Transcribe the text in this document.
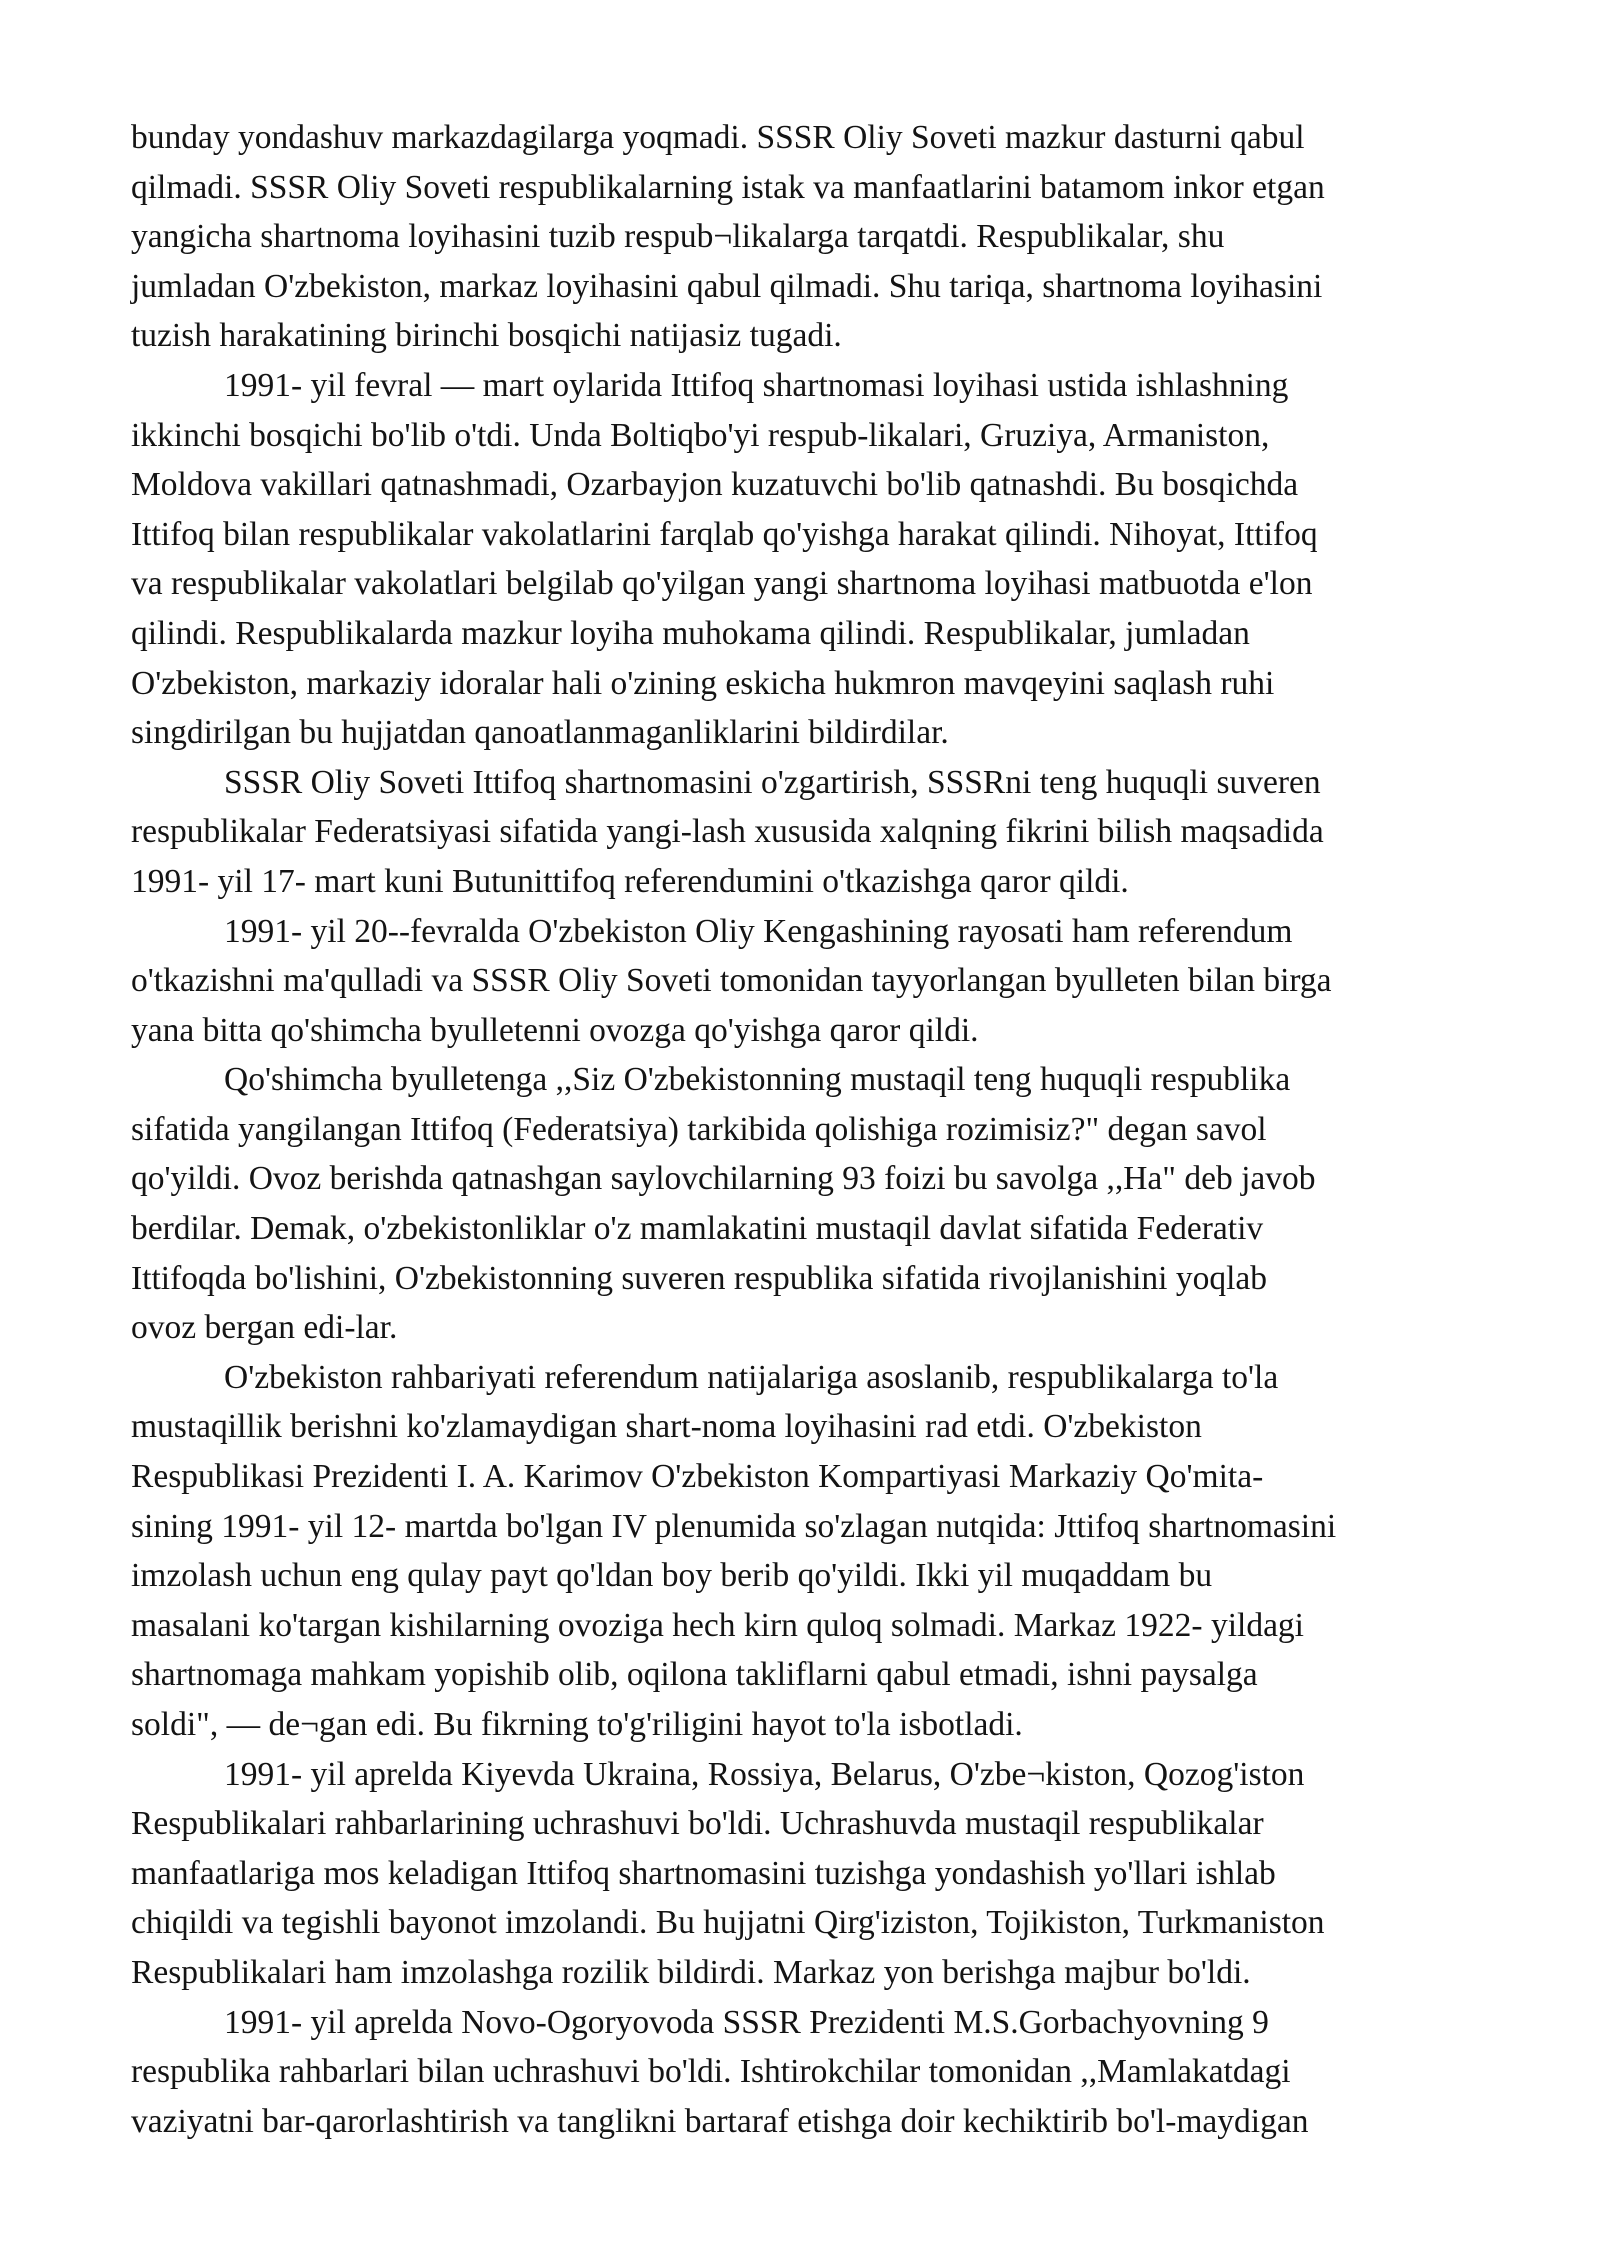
bunday yondashuv markazdagilarga yoqmadi. SSSR Oliy Soveti mazkur dasturni qabul
qilmadi. SSSR Oliy Soveti respublikalarning istak va manfaatlarini batamom inkor etgan
yangicha shartnoma loyihasini tuzib respub¬likalarga tarqatdi. Respublikalar, shu
jumladan O'zbekiston, markaz loyihasini qabul qilmadi. Shu tariqa, shartnoma loyihasini
tuzish harakatining birinchi bosqichi natijasiz tugadi.

1991- yil fevral — mart oylarida Ittifoq shartnomasi loyihasi ustida ishlashning
ikkinchi bosqichi bo'lib o'tdi. Unda Boltiqbo'yi respub-likalari, Gruziya, Armaniston,
Moldova vakillari qatnashmadi, Ozarbayjon kuzatuvchi bo'lib qatnashdi. Bu bosqichda
Ittifoq bilan respublikalar vakolatlarini farqlab qo'yishga harakat qilindi. Nihoyat, Ittifoq
va respublikalar vakolatlari belgilab qo'yilgan yangi shartnoma loyihasi matbuotda e'lon
qilindi. Respublikalarda mazkur loyiha muhokama qilindi. Respublikalar, jumladan
O'zbekiston, markaziy idoralar hali o'zining eskicha hukmron mavqeyini saqlash ruhi
singdirilgan bu hujjatdan qanoatlanmaganliklarini bildirdilar.

SSSR Oliy Soveti Ittifoq shartnomasini o'zgartirish, SSSRni teng huquqli suveren
respublikalar Federatsiyasi sifatida yangi-lash xususida xalqning fikrini bilish maqsadida
1991- yil 17- mart kuni Butunittifoq referendumini o'tkazishga qaror qildi.

1991- yil 20--fevralda O'zbekiston Oliy Kengashining rayosati ham referendum
o'tkazishni ma'qulladi va SSSR Oliy Soveti tomonidan tayyorlangan byulleten bilan birga
yana bitta qo'shimcha byulletenni ovozga qo'yishga qaror qildi.

Qo'shimcha byulletenga ,,Siz O'zbekistonning mustaqil teng huquqli respublika
sifatida yangilangan Ittifoq (Federatsiya) tarkibida qolishiga rozimisiz?" degan savol
qo'yildi. Ovoz berishda qatnashgan saylovchilarning 93 foizi bu savolga ,,Ha" deb javob
berdilar. Demak, o'zbekistonliklar o'z mamlakatini mustaqil davlat sifatida Federativ
Ittifoqda bo'lishini, O'zbekistonning suveren respublika sifatida rivojlanishini yoqlab
ovoz bergan edi-lar.

O'zbekiston rahbariyati referendum natijalariga asoslanib, respublikalarga to'la
mustaqillik berishni ko'zlamaydigan shart-noma loyihasini rad etdi. O'zbekiston
Respublikasi Prezidenti I. A. Karimov O'zbekiston Kompartiyasi Markaziy Qo'mita-
sining 1991- yil 12- martda bo'lgan IV plenumida so'zlagan nutqida: Jttifoq shartnomasini
imzolash uchun eng qulay payt qo'ldan boy berib qo'yildi. Ikki yil muqaddam bu
masalani ko'targan kishilarning ovoziga hech kirn quloq solmadi. Markaz 1922- yildagi
shartnomaga mahkam yopishib olib, oqilona takliflarni qabul etmadi, ishni paysalga
soldi", — de¬gan edi. Bu fikrning to'g'riligini hayot to'la isbotladi.

1991- yil aprelda Kiyevda Ukraina, Rossiya, Belarus, O'zbe¬kiston, Qozog'iston
Respublikalari rahbarlarining uchrashuvi bo'ldi. Uchrashuvda mustaqil respublikalar
manfaatlariga mos keladigan Ittifoq shartnomasini tuzishga yondashish yo'llari ishlab
chiqildi va tegishli bayonot imzolandi. Bu hujjatni Qirg'iziston, Tojikiston, Turkmaniston
Respublikalari ham imzolashga rozilik bildirdi. Markaz yon berishga majbur bo'ldi.

1991- yil aprelda Novo-Ogoryovoda SSSR Prezidenti M.S.Gorbachyovning 9
respublika rahbarlari bilan uchrashuvi bo'ldi. Ishtirokchilar tomonidan ,,Mamlakatdagi
vaziyatni bar-qarorlashtirish va tanglikni bartaraf etishga doir kechiktirib bo'l-maydigan
